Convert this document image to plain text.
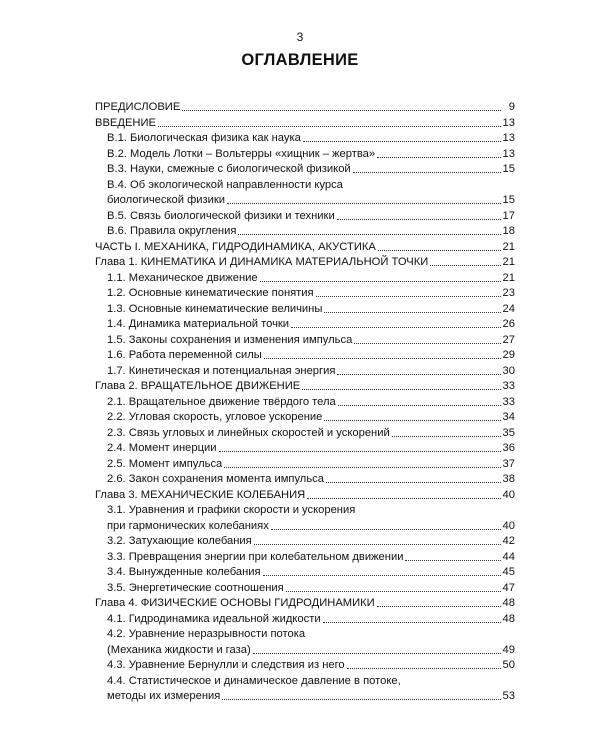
3
ОГЛАВЛЕНИЕ
ПРЕДИСЛОВИЕ	9
ВВЕДЕНИЕ	13
В.1. Биологическая физика как наука	13
В.2. Модель Лотки – Вольтерры «хищник – жертва»	13
В.3. Науки, смежные с биологической физикой	15
В.4. Об экологической направленности курса
биологической физики	15
В.5. Связь биологической физики и техники	17
В.6. Правила округления	18
ЧАСТЬ I. МЕХАНИКА, ГИДРОДИНАМИКА, АКУСТИКА	21
Глава 1. КИНЕМАТИКА И ДИНАМИКА МАТЕРИАЛЬНОЙ ТОЧКИ	21
1.1. Механическое движение	21
1.2. Основные кинематические понятия	23
1.3. Основные кинематические величины	24
1.4. Динамика материальной точки	26
1.5. Законы сохранения и изменения импульса	27
1.6. Работа переменной силы	29
1.7. Кинетическая и потенциальная энергия	30
Глава 2. ВРАЩАТЕЛЬНОЕ ДВИЖЕНИЕ	33
2.1. Вращательное движение твёрдого тела	33
2.2. Угловая скорость, угловое ускорение	34
2.3. Связь угловых и линейных скоростей и ускорений	35
2.4. Момент инерции	36
2.5. Момент импульса	37
2.6. Закон сохранения момента импульса	38
Глава 3. МЕХАНИЧЕСКИЕ КОЛЕБАНИЯ	40
3.1. Уравнения и графики скорости и ускорения
при гармонических колебаниях	40
3.2. Затухающие колебания	42
3.3. Превращения энергии при колебательном движении	44
3.4. Вынужденные колебания	45
3.5. Энергетические соотношения	47
Глава 4. ФИЗИЧЕСКИЕ ОСНОВЫ ГИДРОДИНАМИКИ	48
4.1. Гидродинамика идеальной жидкости	48
4.2. Уравнение неразрывности потока
(Механика жидкости и газа)	49
4.3. Уравнение Бернулли и следствия из него	50
4.4. Статистическое и динамическое давление в потоке,
методы их измерения	53
